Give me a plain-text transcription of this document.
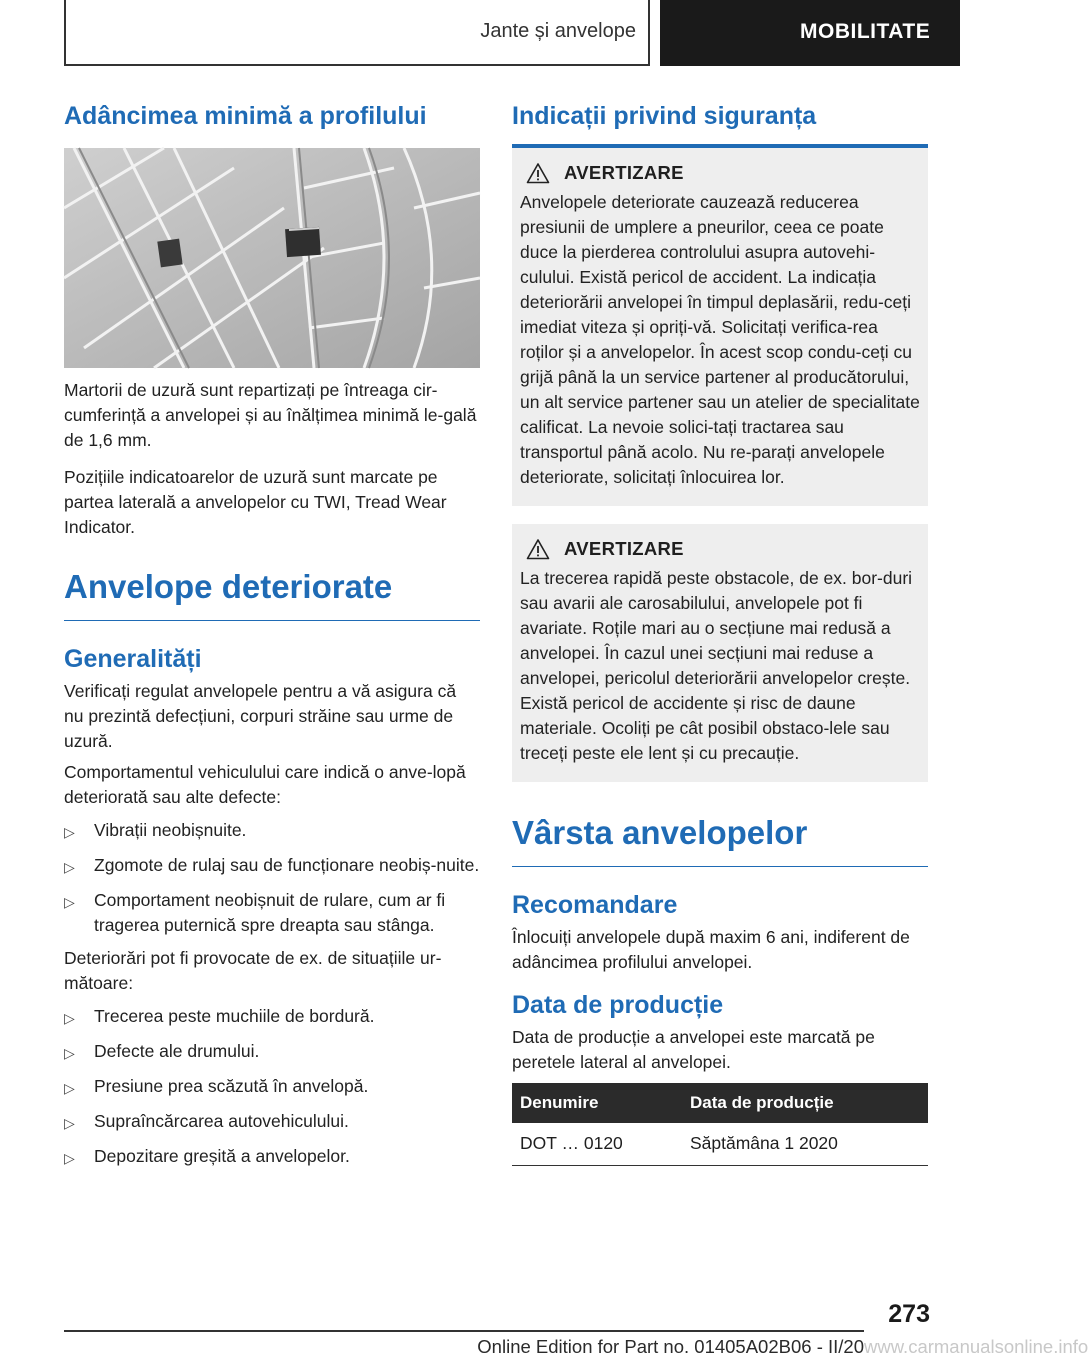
Jante și anvelope	MOBILITATE
Adâncimea minimă a profilului

Martorii de uzură sunt repartizați pe întreaga cir-cumferință a anvelopei și au înălțimea minimă le-gală de 1,6 mm.

Pozițiile indicatoarelor de uzură sunt marcate pe partea laterală a anvelopelor cu TWI, Tread Wear Indicator.

Anvelope deteriorate
Generalități

Verificați regulat anvelopele pentru a vă asigura că nu prezintă defecțiuni, corpuri străine sau urme de uzură.

Comportamentul vehiculului care indică o anve-lopă deteriorată sau alte defecte:

▷	Vibrații neobișnuite.
▷	Zgomote de rulaj sau de funcționare neobiș-nuite.
▷	Comportament neobișnuit de rulare, cum ar fi tragerea puternică spre dreapta sau stânga.

Deteriorări pot fi provocate de ex. de situațiile ur-mătoare:

▷	Trecerea peste muchiile de bordură.
▷	Defecte ale drumului.
▷	Presiune prea scăzută în anvelopă.
▷	Supraîncărcarea autovehiculului.
▷	Depozitare greșită a anvelopelor.
Indicații privind siguranța
AVERTIZARE

Anvelopele deteriorate cauzează reducerea presiunii de umplere a pneurilor, ceea ce poate duce la pierderea controlului asupra autovehi-culului. Există pericol de accident. La indicația deteriorării anvelopei în timpul deplasării, redu-ceți imediat viteza și opriți-vă. Solicitați verifica-rea roților și a anvelopelor. În acest scop condu-ceți cu grijă până la un service partener al producătorului, un alt service partener sau un atelier de specialitate calificat. La nevoie solici-tați tractarea sau transportul până acolo. Nu re-parați anvelopele deteriorate, solicitați înlocuirea lor.

AVERTIZARE

La trecerea rapidă peste obstacole, de ex. bor-duri sau avarii ale carosabilului, anvelopele pot fi avariate. Roțile mari au o secțiune mai redusă a anvelopei. În cazul unei secțiuni mai reduse a anvelopei, pericolul deteriorării anvelopelor crește. Există pericol de accidente și risc de daune materiale. Ocoliți pe cât posibil obstaco-lele sau treceți peste ele lent și cu precauție.

Vârsta anvelopelor
Recomandare

Înlocuiți anvelopele după maxim 6 ani, indiferent de adâncimea profilului anvelopei.

Data de producție

Data de producție a anvelopei este marcată pe peretele lateral al anvelopei.

Denumire	Data de producție
DOT … 0120	Săptămâna 1 2020
273
Online Edition for Part no. 01405A02B06 - II/20 www.carmanualsonline.info
